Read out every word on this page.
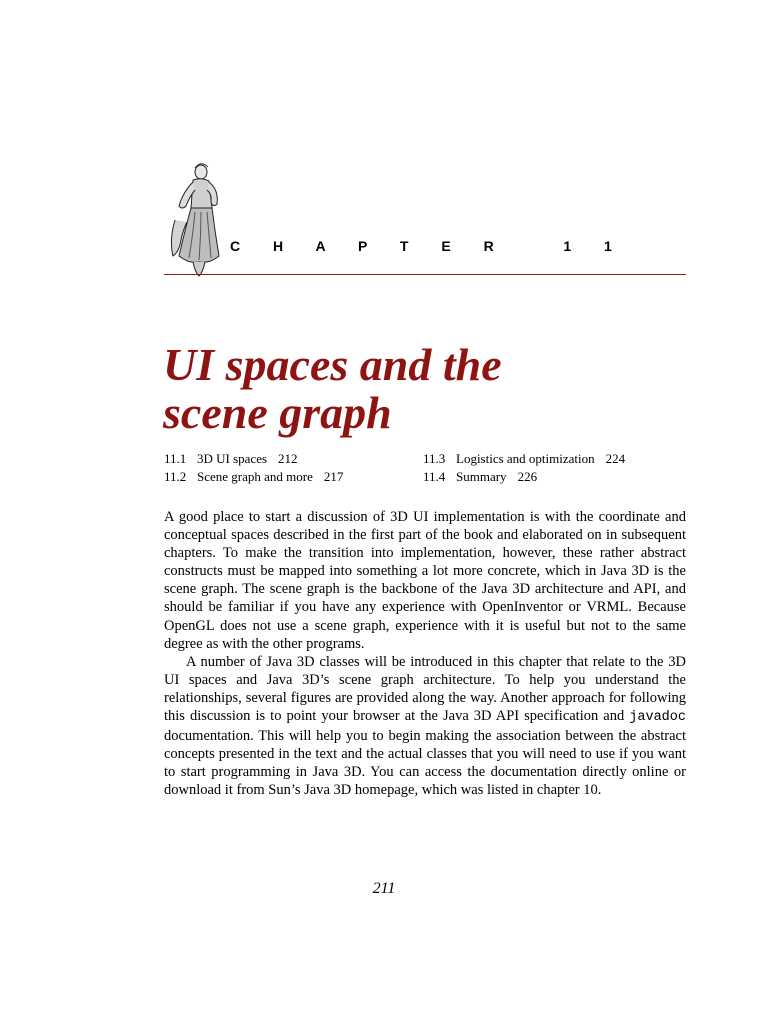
C H A P T E R   1 1
UI spaces and the
scene graph
11.1 3D UI spaces 212
11.2 Scene graph and more 217
11.3 Logistics and optimization 224
11.4 Summary 226

A good place to start a discussion of 3D UI implementation is with the coordinate and conceptual spaces described in the first part of the book and elaborated on in subsequent chapters. To make the transition into implementation, however, these rather abstract constructs must be mapped into something a lot more concrete, which in Java 3D is the scene graph. The scene graph is the backbone of the Java 3D architecture and API, and should be familiar if you have any experience with OpenInventor or VRML. Because OpenGL does not use a scene graph, experience with it is useful but not to the same degree as with the other programs.

A number of Java 3D classes will be introduced in this chapter that relate to the 3D UI spaces and Java 3D’s scene graph architecture. To help you understand the relationships, several figures are provided along the way. Another approach for following this discussion is to point your browser at the Java 3D API specification and javadoc documentation. This will help you to begin making the association between the abstract concepts presented in the text and the actual classes that you will need to use if you want to start programming in Java 3D. You can access the documentation directly online or download it from Sun’s Java 3D homepage, which was listed in chapter 10.

211
